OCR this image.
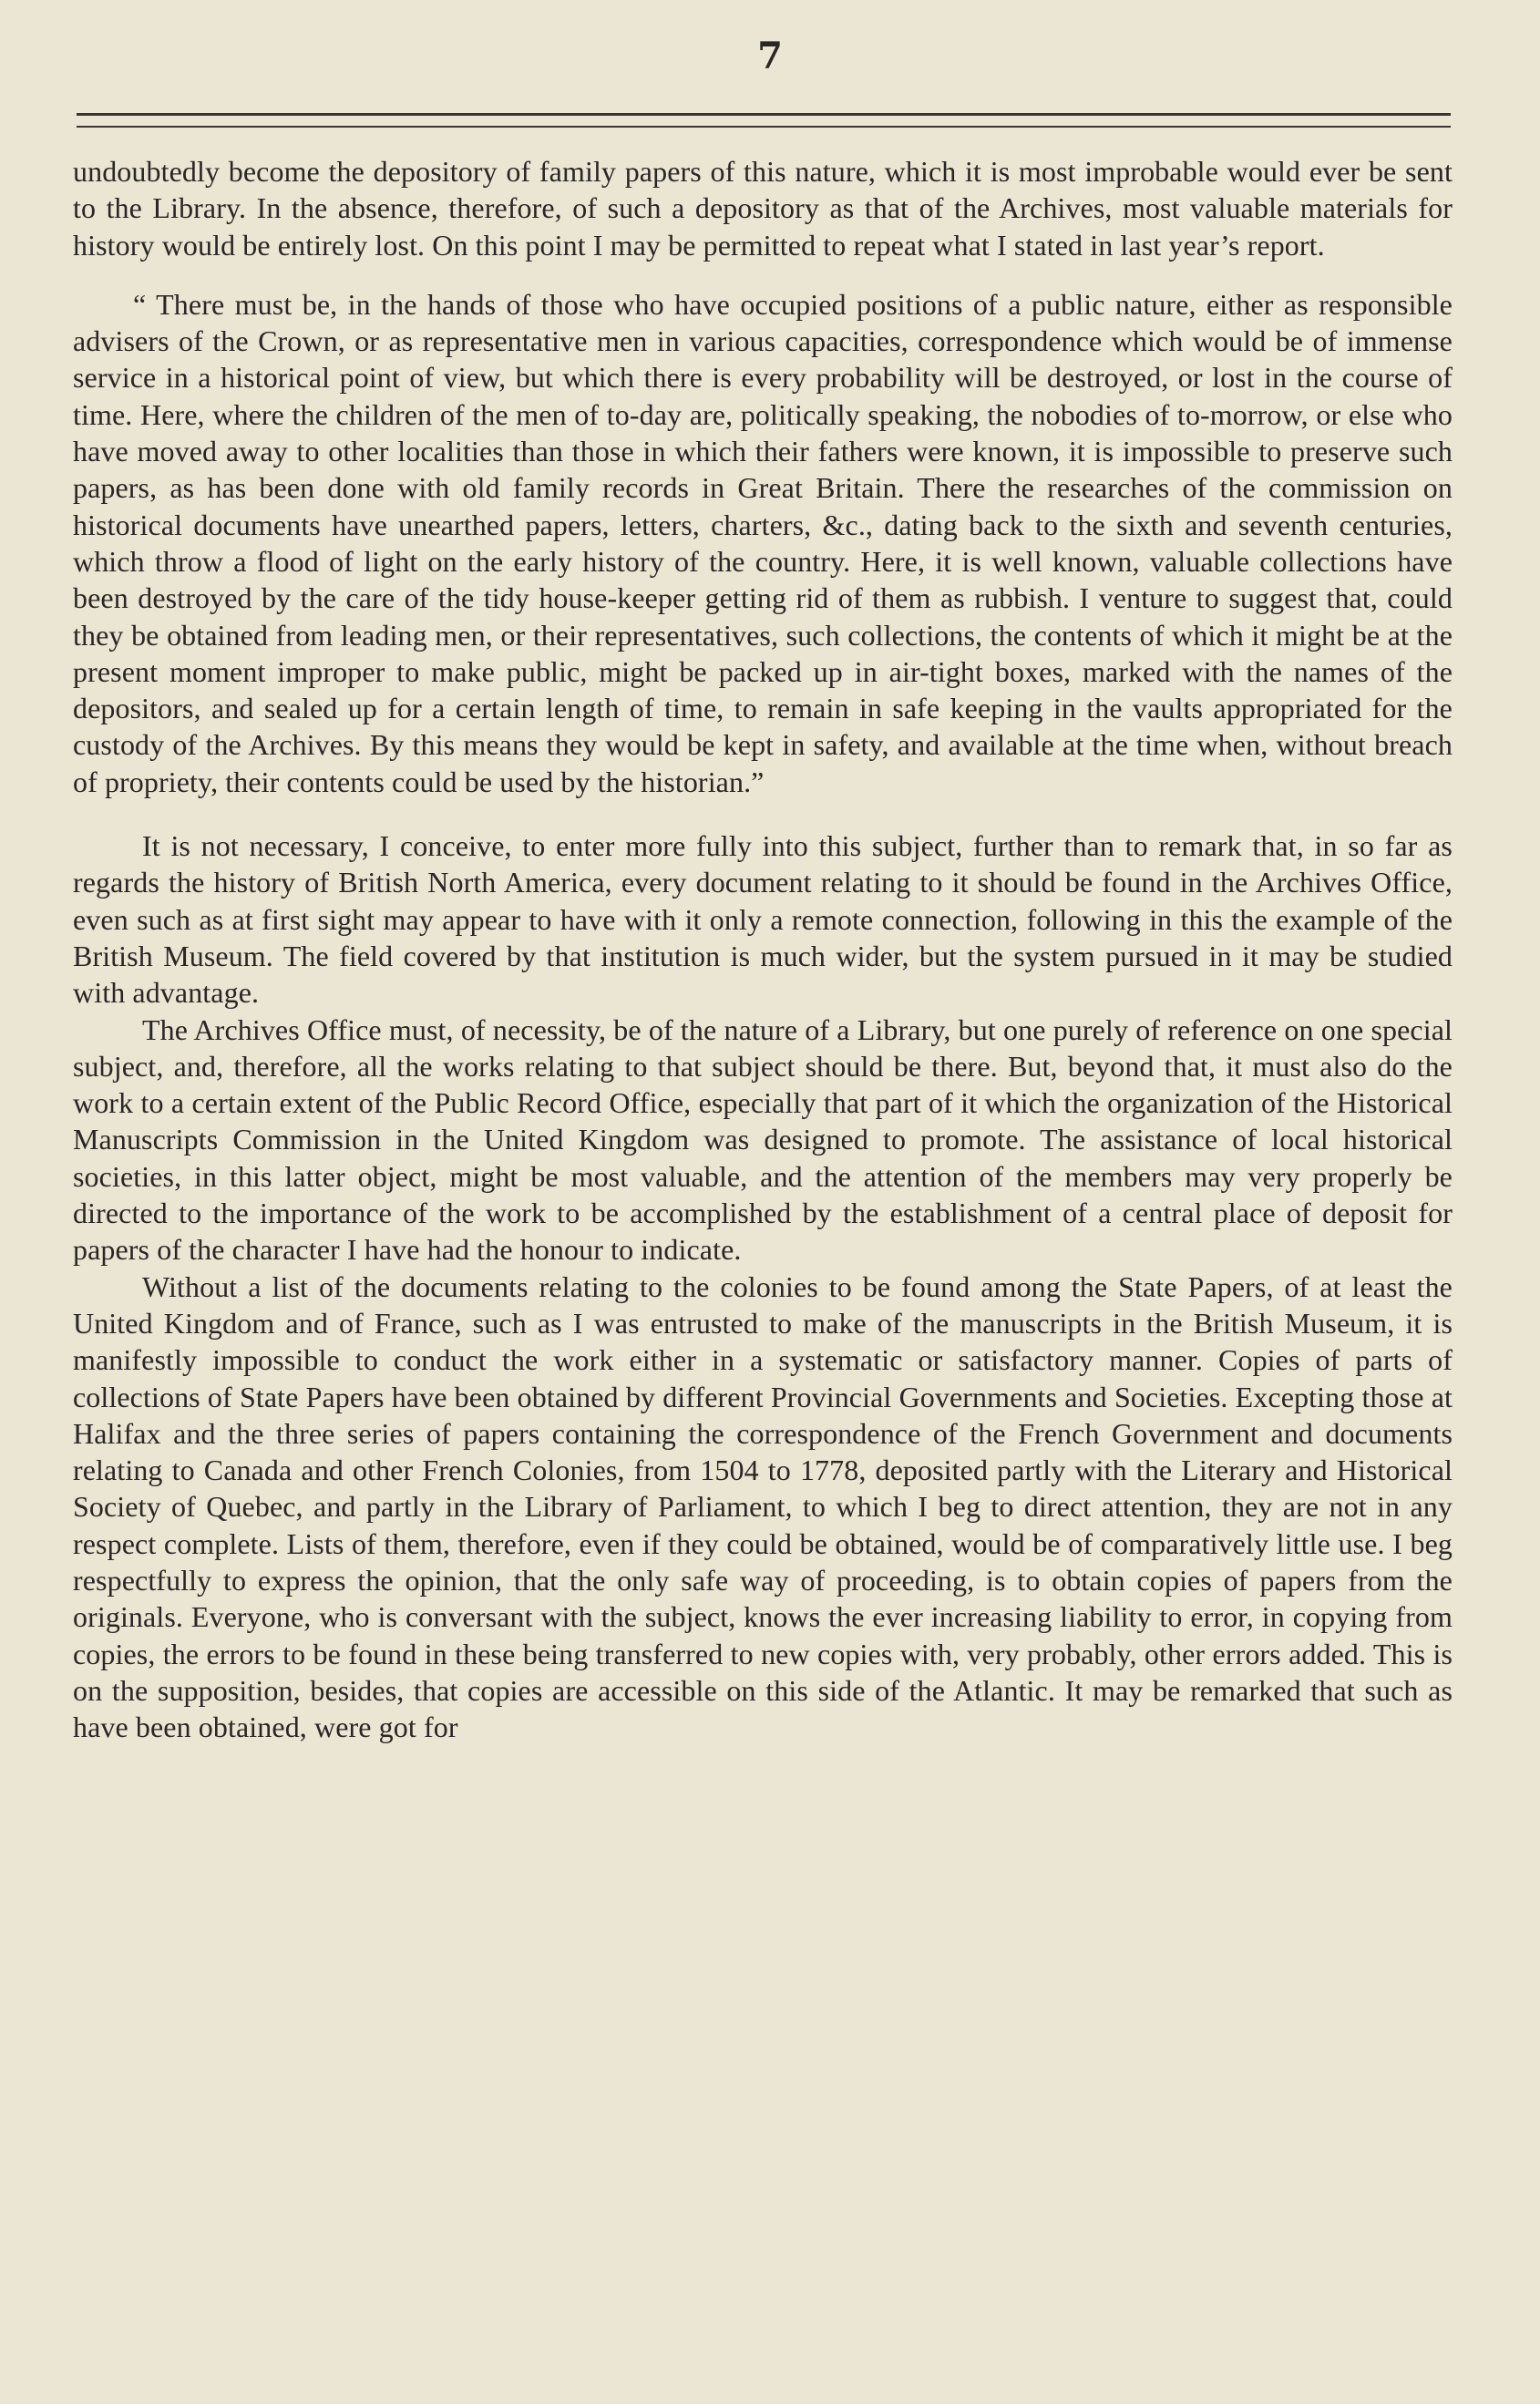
7

undoubtedly become the depository of family papers of this nature, which it is most improbable would ever be sent to the Library. In the absence, therefore, of such a depository as that of the Archives, most valuable materials for history would be entirely lost. On this point I may be permitted to repeat what I stated in last year’s report.

“ There must be, in the hands of those who have occupied positions of a public nature, either as responsible advisers of the Crown, or as representative men in various capacities, correspondence which would be of immense service in a historical point of view, but which there is every probability will be destroyed, or lost in the course of time. Here, where the children of the men of to-day are, politically speaking, the nobodies of to-morrow, or else who have moved away to other localities than those in which their fathers were known, it is impossible to preserve such papers, as has been done with old family records in Great Britain. There the researches of the commission on historical documents have unearthed papers, letters, charters, &c., dating back to the sixth and seventh centuries, which throw a flood of light on the early history of the country. Here, it is well known, valuable collections have been destroyed by the care of the tidy house-keeper getting rid of them as rubbish. I venture to suggest that, could they be obtained from leading men, or their representatives, such collections, the contents of which it might be at the present moment improper to make public, might be packed up in air-tight boxes, marked with the names of the depositors, and sealed up for a certain length of time, to remain in safe keeping in the vaults appropriated for the custody of the Archives. By this means they would be kept in safety, and available at the time when, without breach of propriety, their contents could be used by the historian.”

It is not necessary, I conceive, to enter more fully into this subject, further than to remark that, in so far as regards the history of British North America, every document relating to it should be found in the Archives Office, even such as at first sight may appear to have with it only a remote connection, following in this the example of the British Museum. The field covered by that institution is much wider, but the system pursued in it may be studied with advantage.

The Archives Office must, of necessity, be of the nature of a Library, but one purely of reference on one special subject, and, therefore, all the works relating to that subject should be there. But, beyond that, it must also do the work to a certain extent of the Public Record Office, especially that part of it which the organization of the Historical Manuscripts Commission in the United Kingdom was designed to promote. The assistance of local historical societies, in this latter object, might be most valuable, and the attention of the members may very properly be directed to the importance of the work to be accomplished by the establishment of a central place of deposit for papers of the character I have had the honour to indicate.

Without a list of the documents relating to the colonies to be found among the State Papers, of at least the United Kingdom and of France, such as I was entrusted to make of the manuscripts in the British Museum, it is manifestly impossible to conduct the work either in a systematic or satisfactory manner. Copies of parts of collections of State Papers have been obtained by different Provincial Governments and Societies. Excepting those at Halifax and the three series of papers containing the correspondence of the French Government and documents relating to Canada and other French Colonies, from 1504 to 1778, deposited partly with the Literary and Historical Society of Quebec, and partly in the Library of Parliament, to which I beg to direct attention, they are not in any respect complete. Lists of them, therefore, even if they could be obtained, would be of comparatively little use. I beg respectfully to express the opinion, that the only safe way of proceeding, is to obtain copies of papers from the originals. Everyone, who is conversant with the subject, knows the ever increasing liability to error, in copying from copies, the errors to be found in these being transferred to new copies with, very probably, other errors added. This is on the supposition, besides, that copies are accessible on this side of the Atlantic. It may be remarked that such as have been obtained, were got for
